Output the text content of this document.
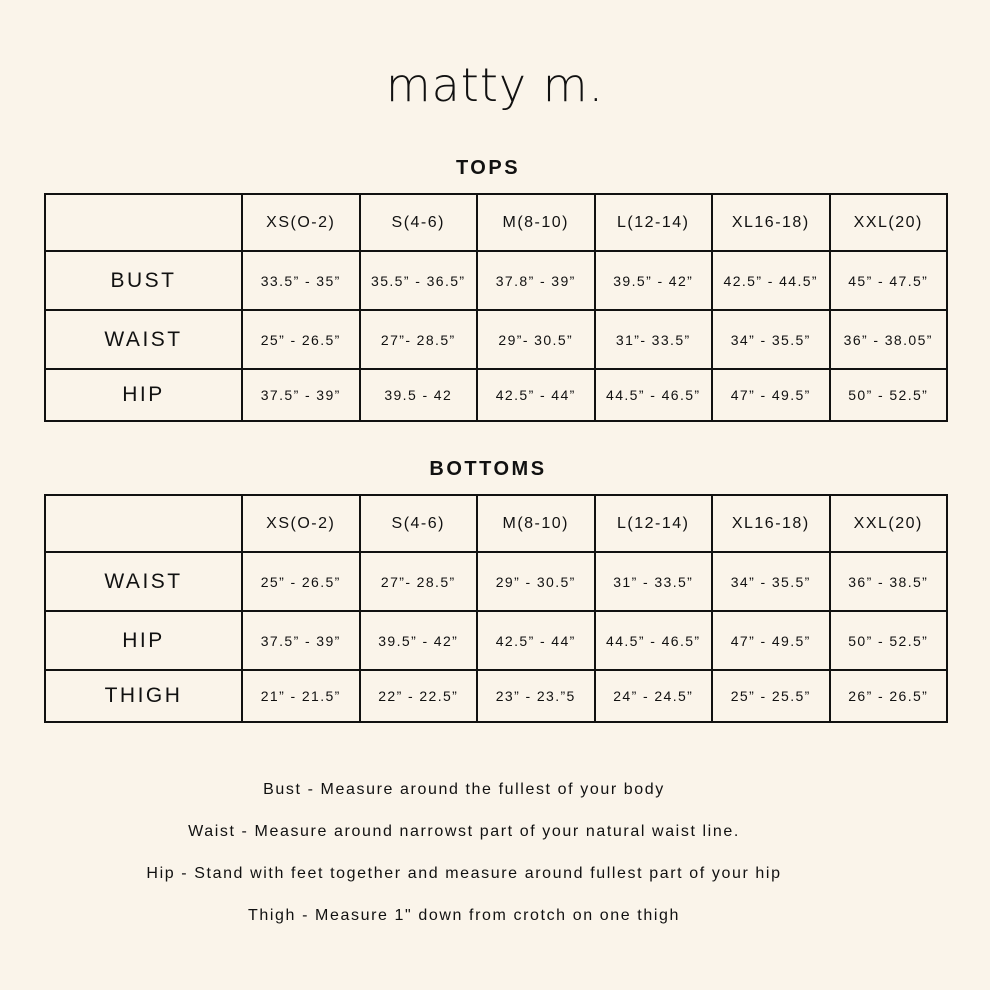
matty m.
TOPS
	XS(O-2)	S(4-6)	M(8-10)	L(12-14)	XL16-18)	XXL(20)
BUST	33.5” - 35”	35.5” - 36.5”	37.8” - 39”	39.5” - 42”	42.5” - 44.5”	45” - 47.5”
WAIST	25” - 26.5”	27”- 28.5”	29”- 30.5”	31”- 33.5”	34” - 35.5”	36” - 38.05”
HIP	37.5” - 39”	39.5 - 42	42.5” - 44”	44.5” - 46.5”	47” - 49.5”	50” - 52.5”
BOTTOMS
	XS(O-2)	S(4-6)	M(8-10)	L(12-14)	XL16-18)	XXL(20)
WAIST	25” - 26.5”	27”- 28.5”	29” - 30.5”	31” - 33.5”	34” - 35.5”	36” - 38.5”
HIP	37.5” - 39”	39.5” - 42”	42.5” - 44”	44.5” - 46.5”	47” - 49.5”	50” - 52.5”
THIGH	21” - 21.5”	22” - 22.5”	23” - 23.”5	24” - 24.5”	25” - 25.5”	26” - 26.5”
Bust - Measure around the fullest of your body
Waist - Measure around narrowst part of your natural waist line.
Hip - Stand with feet together and measure around fullest part of your hip
Thigh - Measure 1" down from crotch on one thigh
